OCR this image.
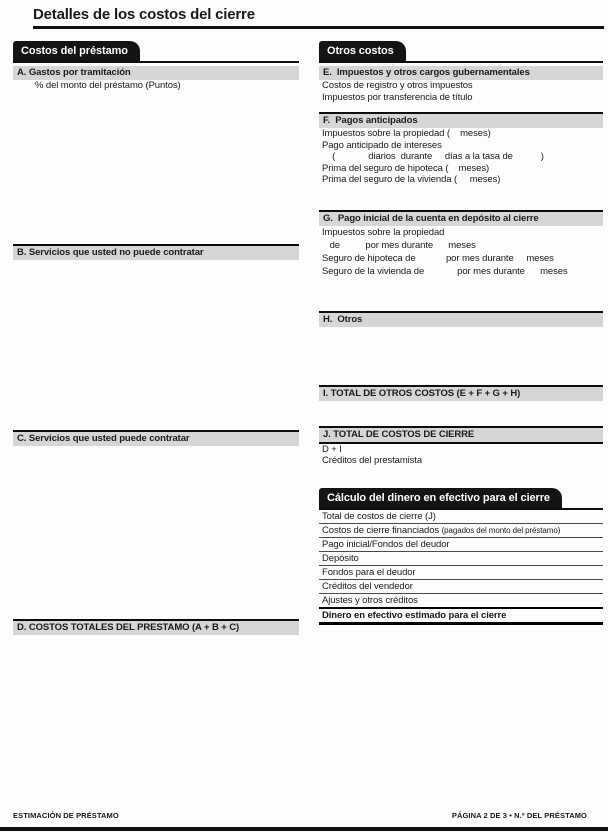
Detalles de los costos del cierre
Costos del préstamo
A. Gastos por tramitación
% del monto del préstamo (Puntos)
B. Servicios que usted no puede contratar
C. Servicios que usted puede contratar
D. COSTOS TOTALES DEL PRESTAMO (A + B + C)
Otros costos
E.  Impuestos y otros cargos gubernamentales
Costos de registro y otros impuestos
Impuestos por transferencia de título
F.  Pagos anticipados
Impuestos sobre la propiedad (    meses)
Pago anticipado de intereses
(             diarios  durante     días a la tasa de           )
Prima del seguro de hipoteca (    meses)
Prima del seguro de la vivienda (     meses)
G.  Pago inicial de la cuenta en depósito al cierre
Impuestos sobre la propiedad
de          por mes durante      meses
Seguro de hipoteca de            por mes durante     meses
Seguro de la vivienda de             por mes durante      meses
H.  Otros
I. TOTAL DE OTROS COSTOS (E + F + G + H)
J. TOTAL DE COSTOS DE CIERRE
D + I
Créditos del prestamista
Cálculo del dinero en efectivo para el cierre
Total de costos de cierre (J)
Costos de cierre financiados (pagados del monto del préstamo)
Pago inicial/Fondos del deudor
Depósito
Fondos para el deudor
Créditos del vendedor
Ajustes y otros créditos
Dinero en efectivo estimado para el cierre
ESTIMACIÓN DE PRÉSTAMO	PÁGINA 2 DE 3 • N.º DEL PRÉSTAMO
